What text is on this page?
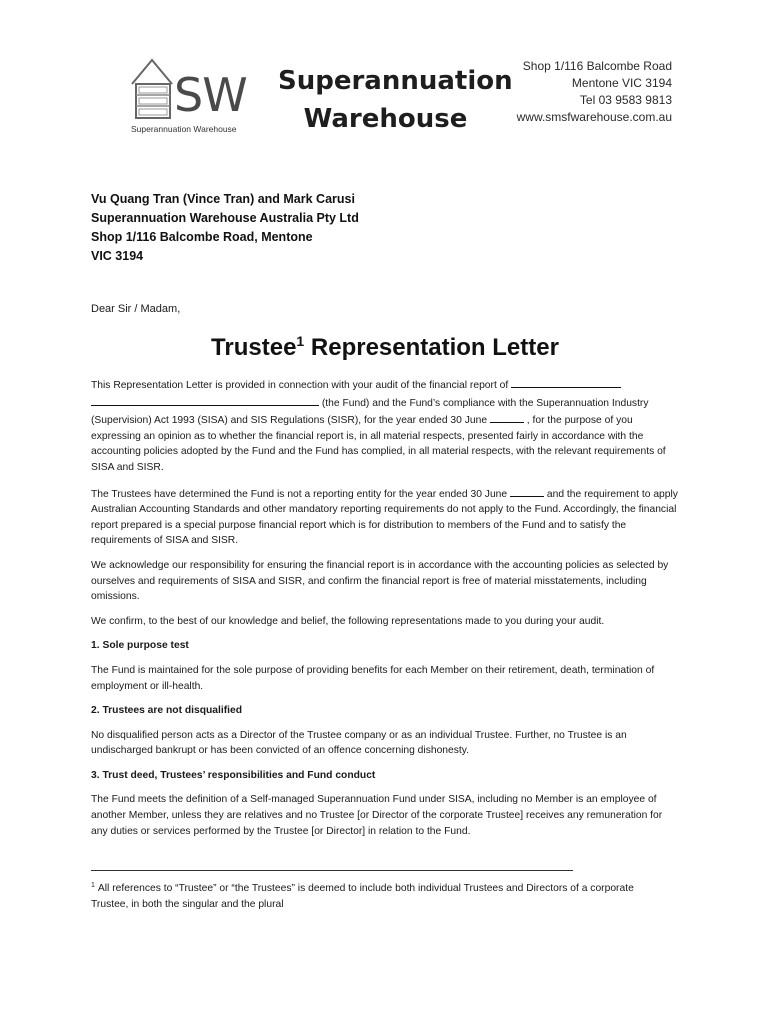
SW
Superannuation Warehouse
Superannuation
Warehouse
Shop 1/116 Balcombe Road
Mentone VIC 3194
Tel 03 9583 9813
www.smsfwarehouse.com.au
Vu Quang Tran (Vince Tran) and Mark Carusi
Superannuation Warehouse Australia Pty Ltd
Shop 1/116 Balcombe Road, Mentone
VIC 3194
Dear Sir / Madam,
Trustee$^1$ Representation Letter

This Representation Letter is provided in connection with your audit of the financial report of
(the Fund) and the Fund’s compliance with the Superannuation Industry (Supervision) Act 1993 (SISA) and SIS Regulations (SISR), for the year ended 30 June	, for the purpose of you expressing an opinion as to whether the financial report is, in all material respects, presented fairly in accordance with the accounting policies adopted by the Fund and the Fund has complied, in all material respects, with the relevant requirements of SISA and SISR.

The Trustees have determined the Fund is not a reporting entity for the year ended 30 June	and the requirement to apply Australian Accounting Standards and other mandatory reporting requirements do not apply to the Fund. Accordingly, the financial report prepared is a special purpose financial report which is for distribution to members of the Fund and to satisfy the requirements of SISA and SISR.

We acknowledge our responsibility for ensuring the financial report is in accordance with the accounting policies as selected by ourselves and requirements of SISA and SISR, and confirm the financial report is free of material misstatements, including omissions.

We confirm, to the best of our knowledge and belief, the following representations made to you during your audit.

1. Sole purpose test

The Fund is maintained for the sole purpose of providing benefits for each Member on their retirement, death, termination of employment or ill-health.

2. Trustees are not disqualified

No disqualified person acts as a Director of the Trustee company or as an individual Trustee. Further, no Trustee is an undischarged bankrupt or has been convicted of an offence concerning dishonesty.

3. Trust deed, Trustees’ responsibilities and Fund conduct

The Fund meets the definition of a Self-managed Superannuation Fund under SISA, including no Member is an employee of another Member, unless they are relatives and no Trustee [or Director of the corporate Trustee] receives any remuneration for any duties or services performed by the Trustee [or Director] in relation to the Fund.

$^1$ All references to “Trustee” or “the Trustees” is deemed to include both individual Trustees and Directors of a corporate Trustee, in both the singular and the plural
